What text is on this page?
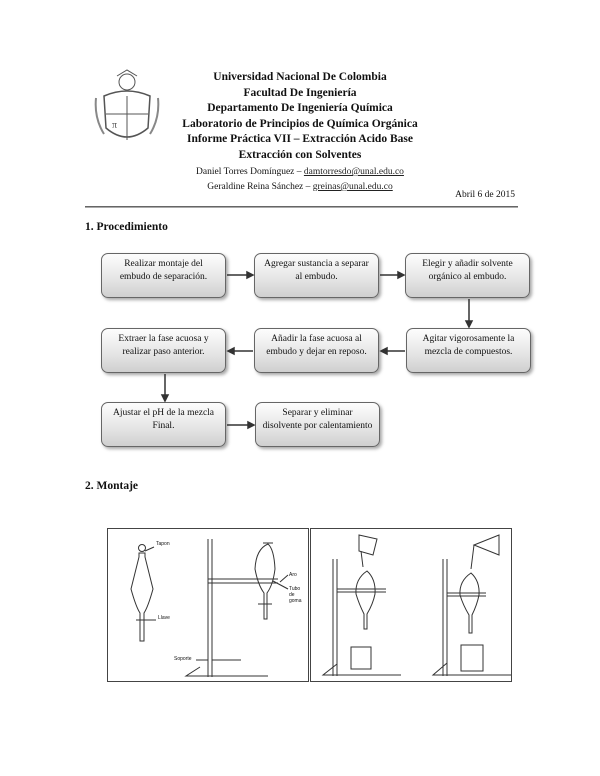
π
Universidad Nacional De Colombia
Facultad De Ingeniería
Departamento De Ingeniería Química
Laboratorio de Principios de Química Orgánica
Informe Práctica VII – Extracción Acido Base
Extracción con Solventes
Daniel Torres Domínguez – damtorresdo@unal.edu.co
Geraldine Reina Sánchez – greinas@unal.edu.co
Abril 6 de 2015
1. Procedimiento
Realizar montaje del embudo de separación.
Agregar sustancia a separar al embudo.
Elegir y añadir solvente orgánico al embudo.
Agitar vigorosamente la mezcla de compuestos.
Añadir la fase acuosa al embudo y dejar en reposo.
Extraer la fase acuosa y realizar paso anterior.
Ajustar el pH de la mezcla Final.
Separar y eliminar disolvente por calentamiento
2. Montaje
Tapon
Llave
Aro
Tubo de goma
Soporte
